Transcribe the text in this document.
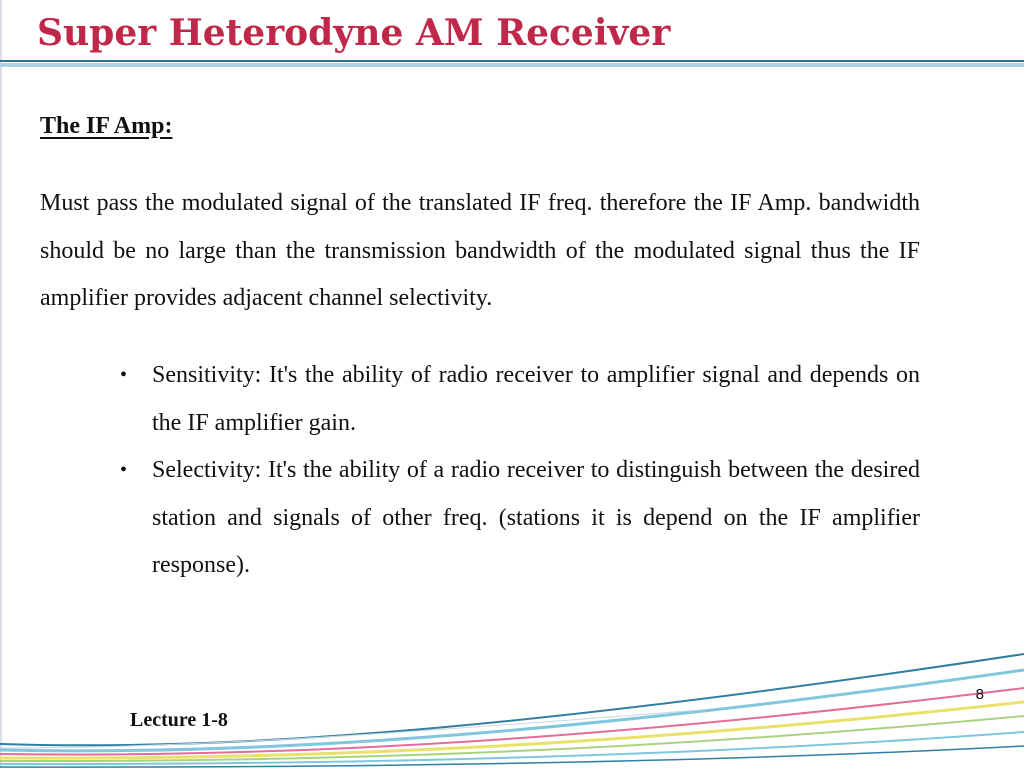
Super Heterodyne AM Receiver
The IF Amp:

Must pass the modulated signal of the translated IF freq. therefore the IF Amp. bandwidth should be no large than the transmission bandwidth of the modulated signal thus the IF amplifier provides adjacent channel selectivity.

• Sensitivity: It's the ability of radio receiver to amplifier signal and depends on the IF amplifier gain.
• Selectivity: It's the ability of a radio receiver to distinguish between the desired station and signals of other freq. (stations it is depend on the IF amplifier response).

Lecture 1-8

8
